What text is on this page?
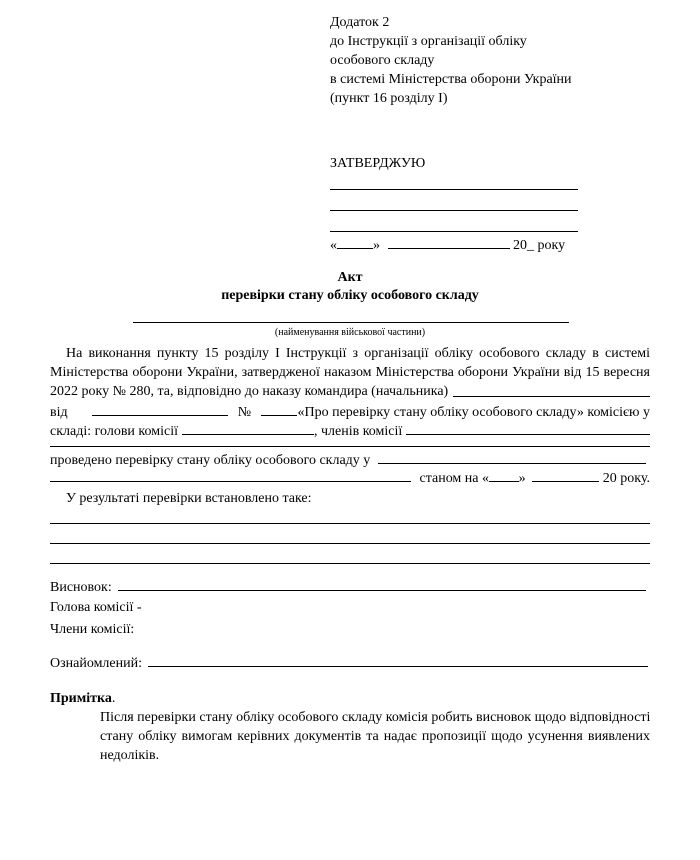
Додаток 2
до Інструкції з організації обліку
особового складу
в системі Міністерства оборони України
(пункт 16 розділу I)
ЗАТВЕРДЖУЮ
«	»	20_ року
Акт
перевірки стану обліку особового складу
(найменування військової частини)
На виконання пункту 15 розділу I Інструкції з організації обліку особового складу в системі
Міністерства оборони України, затвердженої наказом Міністерства оборони України від 15 вересня
2022 року № 280, та, відповідно до наказу командира (начальника)
від	№	«Про перевірку стану обліку особового складу» комісією у
складі: голови комісії	, членів комісії
проведено перевірку стану обліку особового складу у
станом на « »	20 року.
У результаті перевірки встановлено таке:
Висновок:
Голова комісії -
Члени комісії:
Ознайомлений:
Примітка.
Після перевірки стану обліку особового складу комісія робить висновок щодо відповідності
стану обліку вимогам керівних документів та надає пропозиції щодо усунення виявлених
недоліків.
